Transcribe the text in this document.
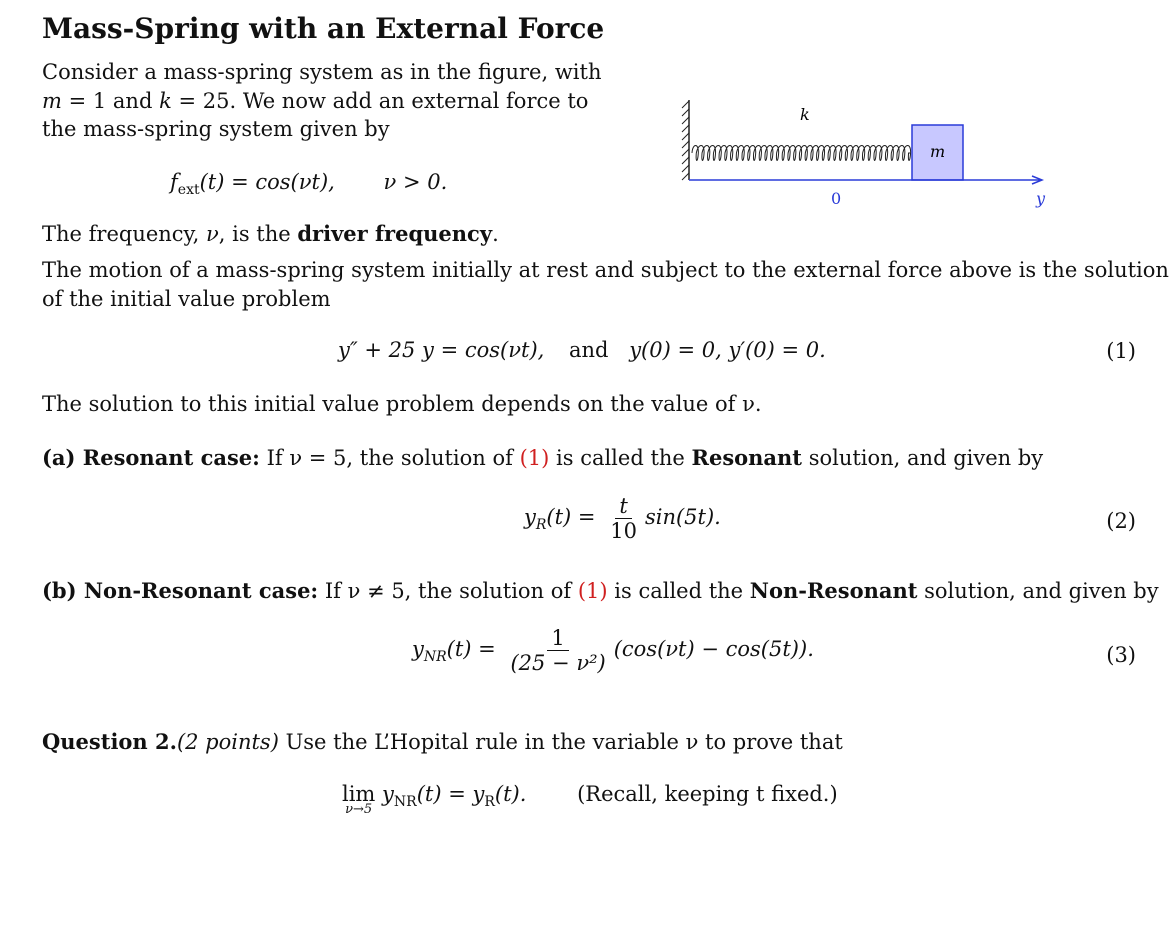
Mass-Spring with an External Force
Consider a mass-spring system as in the figure, with
m = 1 and k = 25. We now add an external force to
the mass-spring system given by
$f_{ext}(t) = \cos(\nu t)$, ν > 0.
m
k
0	y
The frequency, ν, is the driver frequency.
The motion of a mass-spring system initially at rest and subject to the external force above is the solution
of the initial value problem
y″ + 25 y = cos(νt), and y(0) = 0, y′(0) = 0.	(1)
The solution to this initial value problem depends on the value of ν.
(a) Resonant case: If ν = 5, the solution of (1) is called the Resonant solution, and given by
$y_R(t) = \frac{t}{10} \sin(5t)$.	(2)
(b) Non-Resonant case: If ν ≠ 5, the solution of (1) is called the Non-Resonant solution, and given by
$y_{NR}(t) = \frac{1}{\text{(25 − ν²)}} (\cos(\nu t) - \cos(5t))$.	(3)
Question 2.(2 points) Use the L’Hopital rule in the variable ν to prove that
lim
ν→5
$y_{NR}(t) = y_R(t)$. (Recall, keeping t fixed.)
